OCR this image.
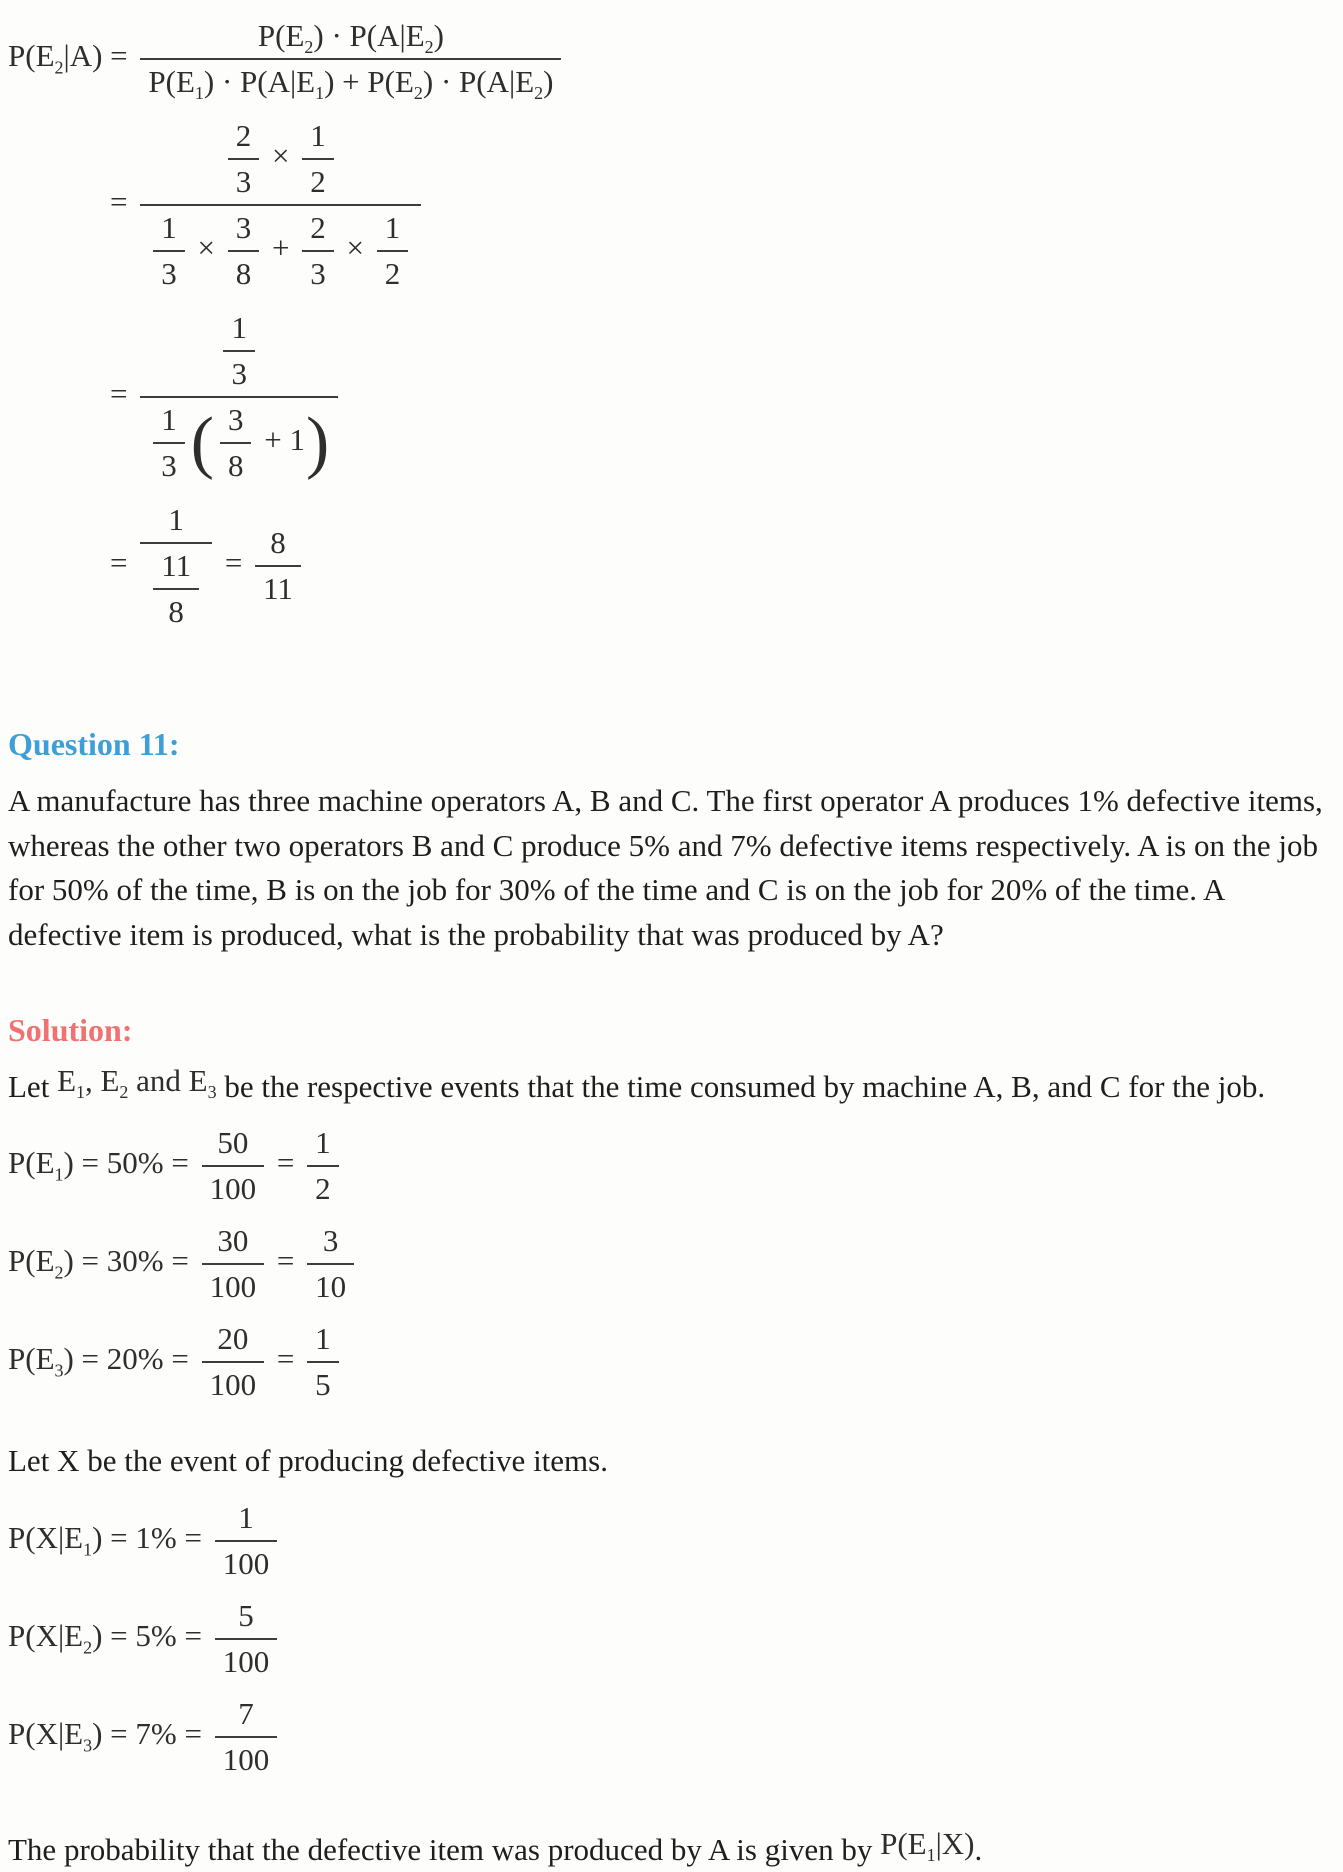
$P(E_2|A) = \frac{P(E_2) \cdot P(A|E_2)}{P(E_1) \cdot P(A|E_1) + P(E_2) \cdot P(A|E_2)}$
= $\frac{\frac{2}{3} \times \frac{1}{2}}{\frac{1}{3} \times \frac{3}{8} + \frac{2}{3} \times \frac{1}{2}}$
= $\frac{\frac{1}{3}}{\frac{1}{3} ( \frac{3}{8} + 1)}$
= $\frac{1}{\frac{11}{8}} = \frac{8}{11}$
Question 11:

A manufacture has three machine operators A, B and C. The first operator A produces 1% defective items, whereas the other two operators B and C produce 5% and 7% defective items respectively. A is on the job for 50% of the time, B is on the job for 30% of the time and C is on the job for 20% of the time. A defective item is produced, what is the probability that was produced by A?

Solution:

Let $E_1$, $E_2$ and $E_3$ be the respective events that the time consumed by machine A, B, and C for the job.

$P(E_1) = 50\% = \frac{50}{100} = \frac{1}{2}$
$P(E_2) = 30\% = \frac{30}{100} = \frac{3}{10}$
$P(E_3) = 20\% = \frac{20}{100} = \frac{1}{5}$

Let X be the event of producing defective items.

$P(X|E_1) = 1\% = \frac{1}{100}$
$P(X|E_2) = 5\% = \frac{5}{100}$
$P(X|E_3) = 7\% = \frac{7}{100}$

The probability that the defective item was produced by A is given by $P(E_1|X)$.
